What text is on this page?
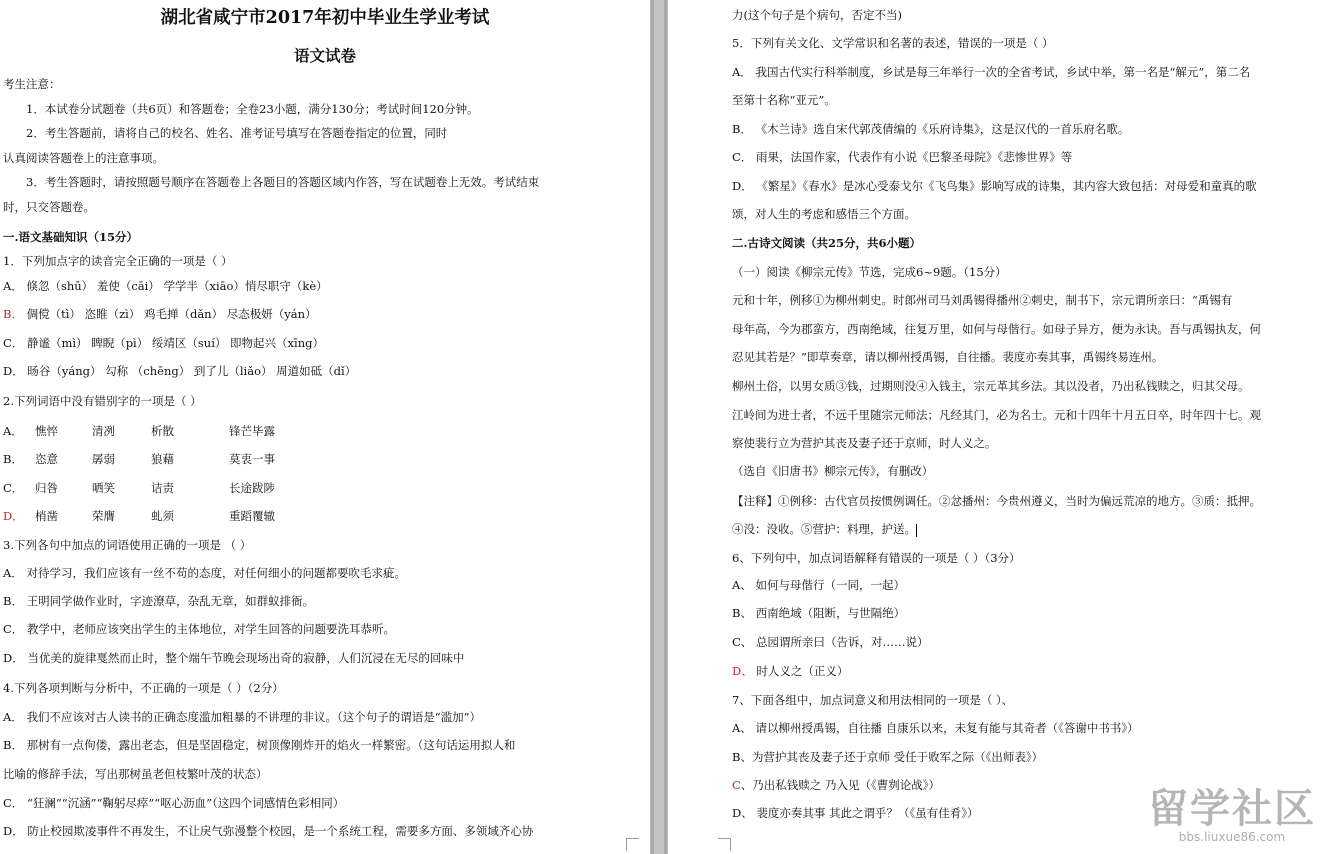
湖北省咸宁市2017年初中毕业生学业考试
语文试卷
考生注意：
1．本试卷分试题卷（共6页）和答题卷；全卷23小题，满分130分；考试时间120分钟。
2．考生答题前，请将自己的校名、姓名、准考证号填写在答题卷指定的位置，同时
认真阅读答题卷上的注意事项。
3．考生答题时，请按照题号顺序在答题卷上各题目的答题区域内作答，写在试题卷上无效。考试结束
时，只交答题卷。
一.语文基础知识（15分）
1．下列加点字的读音完全正确的一项是（ ）
A． 倏忽（shū） 羞使（cāi） 学学半（xiāo）悄尽职守（kè）
B． 倜傥（tì） 恣睢（zì） 鸡毛掸（dǎn） 尽态极妍（yán）
C． 静谧（mì） 睥睨（pì） 绥靖区（suí） 即物起兴（xīng）
D． 旸谷（yáng） 勾称 （chēng） 到了儿（liǎo） 周道如砥（dǐ）
2.下列词语中没有错别字的一项是（ ）
A． 憔悴	清冽	析散	锋芒毕露
B． 恣意	孱弱	狼藉	莫衷一事
C． 归咎	哂笑	诘责	长途跋陟
D． 梢凿	荣膺	虬须	重蹈覆辙
3.下列各句中加点的词语使用正确的一项是 （ ）
A． 对待学习，我们应该有一丝不苟的态度，对任何细小的问题都要吹毛求疵。
B． 王明同学做作业时，字迹潦草，杂乱无章，如群蚁排衙。
C． 教学中，老师应该突出学生的主体地位，对学生回答的问题要洗耳恭听。
D． 当优美的旋律戛然而止时，整个端午节晚会现场出奇的寂静，人们沉浸在无尽的回味中
4.下列各项判断与分析中，不正确的一项是（ ）（2分）
A． 我们不应该对古人读书的正确态度滥加粗暴的不讲理的非议。（这个句子的谓语是“滥加”）
B． 那树有一点佝偻，露出老态，但是坚固稳定，树顶像刚炸开的焰火一样繁密。（这句话运用拟人和
比喻的修辞手法，写出那树虽老但枝繁叶茂的状态）
C． “狂澜”“沉涵”“鞠躬尽瘁”“呕心沥血”（这四个词感情色彩相同）
D． 防止校园欺凌事件不再发生，不让戾气弥漫整个校园，是一个系统工程，需要多方面、多领域齐心协
力(这个句子是个病句，否定不当)
5．下列有关文化、文学常识和名著的表述，错误的一项是（ ）
A． 我国古代实行科举制度，乡试是每三年举行一次的全省考试，乡试中举，第一名是“解元”，第二名
至第十名称“亚元”。
B． 《木兰诗》选自宋代郭茂倩编的《乐府诗集》，这是汉代的一首乐府名歌。
C． 雨果，法国作家，代表作有小说《巴黎圣母院》《悲惨世界》等
D． 《繁星》《春水》是冰心受泰戈尔《飞鸟集》影响写成的诗集，其内容大致包括：对母爱和童真的歌
颂，对人生的考虑和感悟三个方面。
二.古诗文阅读（共25分，共6小题）
（一）阅读《柳宗元传》节选，完成6~9题。（15分）
元和十年，例移①为柳州刺史。时郎州司马刘禹锡得播州②刺史，制书下，宗元谓所亲曰：“禹锡有
母年高，今为郡蛮方，西南绝域，往复万里，如何与母偕行。如母子异方，便为永诀。吾与禹锡执友，何
忍见其若是？”即草奏章，请以柳州授禹锡，自往播。裴度亦奏其事，禹锡终易连州。
柳州土俗，以男女质③钱，过期则没④入钱主，宗元革其乡法。其以没者，乃出私钱赎之，归其父母。
江岭间为进士者，不远千里随宗元师法；凡经其门，必为名士。元和十四年十月五日卒，时年四十七。观
察使裴行立为营护其丧及妻子还于京师，时人义之。
（选自《旧唐书》柳宗元传》，有删改）
【注释】①例移：古代官员按惯例调任。②忿播州：今贵州遵义，当时为偏远荒凉的地方。③质：抵押。
④没：没收。⑤营护：料理，护送。
6、下列句中，加点词语解释有错误的一项是（ ）（3分）
A、 如何与母偕行（一同，一起）
B、 西南绝域（阻断，与世隔绝）
C、 总园谓所亲曰（告诉，对……说）
D、 时人义之（正义）
7、下面各组中，加点词意义和用法相同的一项是（ ）、
A、 请以柳州授禹锡，自往播 自康乐以来，未复有能与其奇者（《答谢中书书》）
B、为营护其丧及妻子还于京师 受任于败军之际（《出师表》）
C、乃出私钱赎之 乃入见（《曹刿论战》）
D、 裴度亦奏其事 其此之谓乎？（《虽有佳肴》）	留学社区
bbs.liuxue86.com
